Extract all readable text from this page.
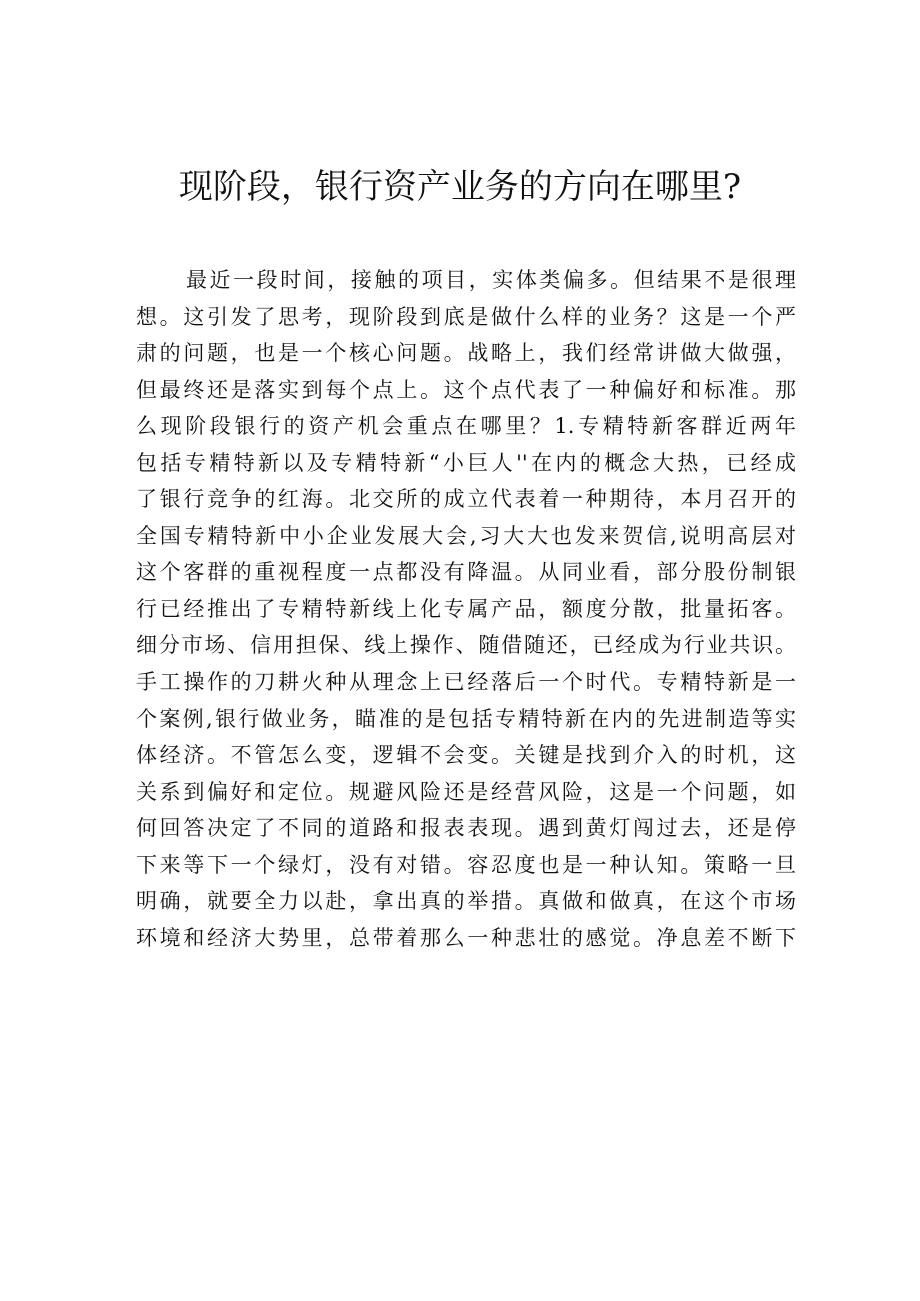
现阶段，银行资产业务的方向在哪里?
最近一段时间，接触的项目，实体类偏多。但结果不是很理
想。这引发了思考，现阶段到底是做什么样的业务？这是一个严
肃的问题，也是一个核心问题。战略上，我们经常讲做大做强，
但最终还是落实到每个点上。这个点代表了一种偏好和标准。那
么现阶段银行的资产机会重点在哪里？1.专精特新客群近两年
包括专精特新以及专精特新“小巨人''在内的概念大热，已经成
了银行竞争的红海。北交所的成立代表着一种期待，本月召开的
全国专精特新中小企业发展大会,习大大也发来贺信,说明高层对
这个客群的重视程度一点都没有降温。从同业看，部分股份制银
行已经推出了专精特新线上化专属产品，额度分散，批量拓客。
细分市场、信用担保、线上操作、随借随还，已经成为行业共识。
手工操作的刀耕火种从理念上已经落后一个时代。专精特新是一
个案例,银行做业务，瞄准的是包括专精特新在内的先进制造等实
体经济。不管怎么变，逻辑不会变。关键是找到介入的时机，这
关系到偏好和定位。规避风险还是经营风险，这是一个问题，如
何回答决定了不同的道路和报表表现。遇到黄灯闯过去，还是停
下来等下一个绿灯，没有对错。容忍度也是一种认知。策略一旦
明确，就要全力以赴，拿出真的举措。真做和做真，在这个市场
环境和经济大势里，总带着那么一种悲壮的感觉。净息差不断下
